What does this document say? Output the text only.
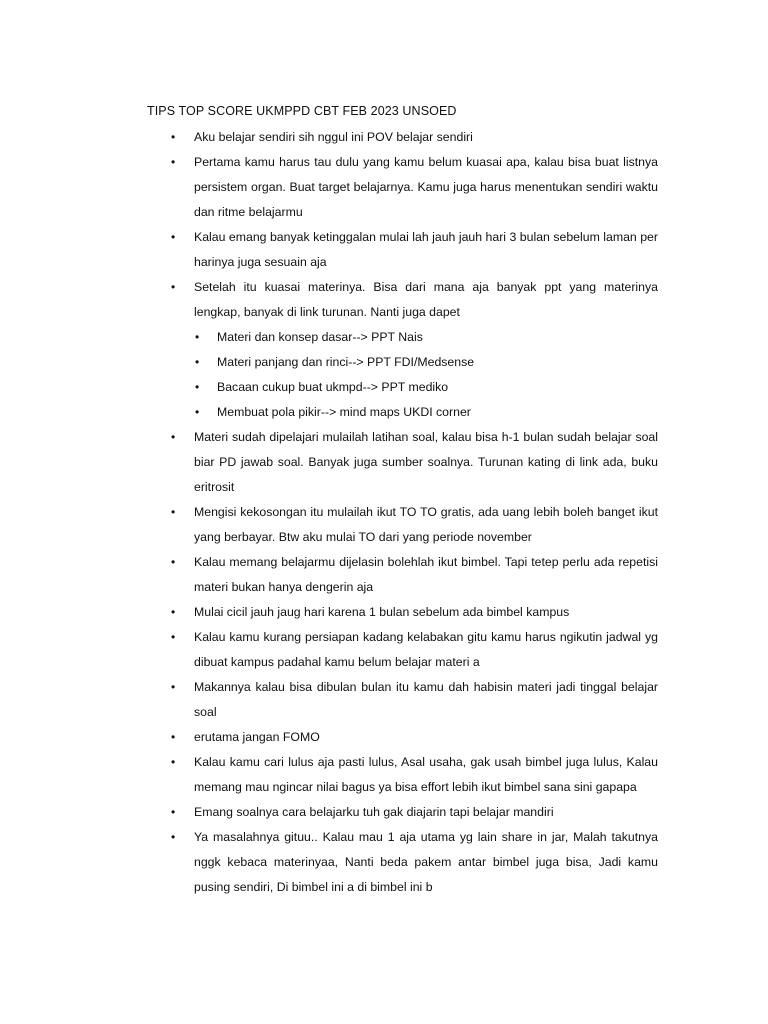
TIPS TOP SCORE UKMPPD CBT FEB 2023 UNSOED
• Aku belajar sendiri sih nggul ini POV belajar sendiri
• Pertama kamu harus tau dulu yang kamu belum kuasai apa, kalau bisa buat listnya persistem organ. Buat target belajarnya. Kamu juga harus menentukan sendiri waktu dan ritme belajarmu
• Kalau emang banyak ketinggalan mulai lah jauh jauh hari 3 bulan sebelum laman per harinya juga sesuain aja
• Setelah itu kuasai materinya. Bisa dari mana aja banyak ppt yang materinya lengkap, banyak di link turunan. Nanti juga dapet
• Materi dan konsep dasar--> PPT Nais
• Materi panjang dan rinci--> PPT FDI/Medsense
• Bacaan cukup buat ukmpd--> PPT mediko
• Membuat pola pikir--> mind maps UKDI corner
• Materi sudah dipelajari mulailah latihan soal, kalau bisa h-1 bulan sudah belajar soal biar PD jawab soal. Banyak juga sumber soalnya. Turunan kating di link ada, buku eritrosit
• Mengisi kekosongan itu mulailah ikut TO TO gratis, ada uang lebih boleh banget ikut yang berbayar. Btw aku mulai TO dari yang periode november
• Kalau memang belajarmu dijelasin bolehlah ikut bimbel. Tapi tetep perlu ada repetisi materi bukan hanya dengerin aja
• Mulai cicil jauh jaug hari karena 1 bulan sebelum ada bimbel kampus
• Kalau kamu kurang persiapan kadang kelabakan gitu kamu harus ngikutin jadwal yg dibuat kampus padahal kamu belum belajar materi a
• Makannya kalau bisa dibulan bulan itu kamu dah habisin materi jadi tinggal belajar soal
• erutama jangan FOMO
• Kalau kamu cari lulus aja pasti lulus, Asal usaha, gak usah bimbel juga lulus, Kalau memang mau ngincar nilai bagus ya bisa effort lebih ikut bimbel sana sini gapapa
• Emang soalnya cara belajarku tuh gak diajarin tapi belajar mandiri
• Ya masalahnya gituu.. Kalau mau 1 aja utama yg lain share in jar, Malah takutnya nggk kebaca materinyaa, Nanti beda pakem antar bimbel juga bisa, Jadi kamu pusing sendiri, Di bimbel ini a di bimbel ini b
